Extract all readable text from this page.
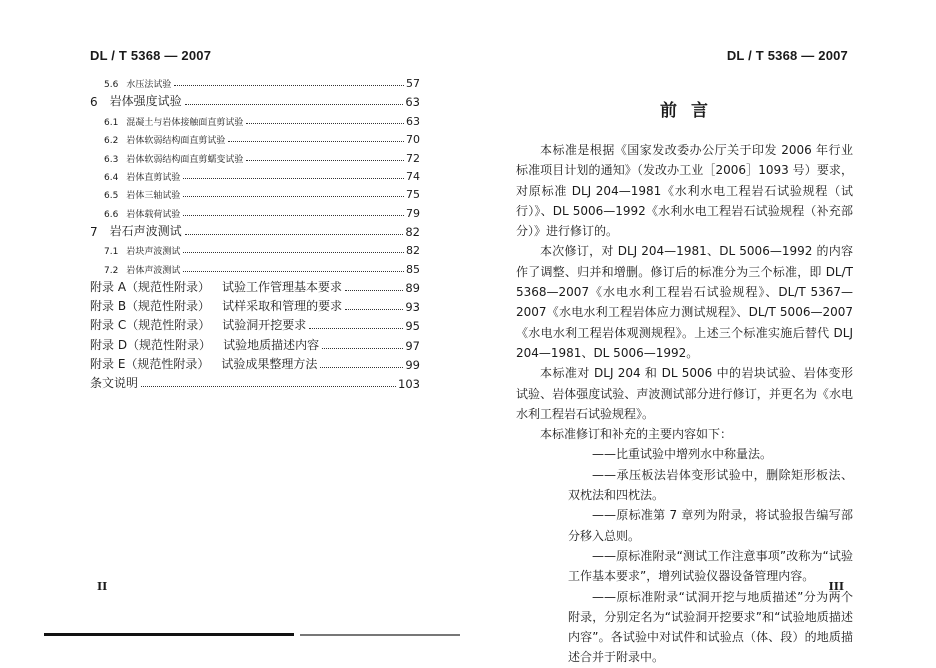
DL / T 5368 — 2007	DL / T 5368 — 2007
5.6 水压法试验	57
6 岩体强度试验	63
6.1 混凝土与岩体接触面直剪试验	63
6.2 岩体软弱结构面直剪试验	70
6.3 岩体软弱结构面直剪蠕变试验	72
6.4 岩体直剪试验	74
6.5 岩体三轴试验	75
6.6 岩体载荷试验	79
7 岩石声波测试	82
7.1 岩块声波测试	82
7.2 岩体声波测试	85
附录 A（规范性附录） 试验工作管理基本要求	89
附录 B（规范性附录） 试样采取和管理的要求	93
附录 C（规范性附录） 试验洞开挖要求	95
附录 D（规范性附录） 试验地质描述内容	97
附录 E（规范性附录） 试验成果整理方法	99
条文说明	103
前言

本标准是根据《国家发改委办公厅关于印发 2006 年行业标准项目计划的通知》（发改办工业［2006］1093 号）要求，对原标准 DLJ 204—1981《水利水电工程岩石试验规程（试行）》、DL 5006—1992《水利水电工程岩石试验规程（补充部分）》进行修订的。

本次修订，对 DLJ 204—1981、DL 5006—1992 的内容作了调整、归并和增删。修订后的标准分为三个标准，即 DL/T 5368—2007《水电水利工程岩石试验规程》、DL/T 5367—2007《水电水利工程岩体应力测试规程》、DL/T 5006—2007《水电水利工程岩体观测规程》。上述三个标准实施后替代 DLJ 204—1981、DL 5006—1992。

本标准对 DLJ 204 和 DL 5006 中的岩块试验、岩体变形试验、岩体强度试验、声波测试部分进行修订，并更名为《水电水利工程岩石试验规程》。

本标准修订和补充的主要内容如下：

——比重试验中增列水中称量法。

——承压板法岩体变形试验中，删除矩形板法、双枕法和四枕法。

——原标准第 7 章列为附录，将试验报告编写部分移入总则。

——原标准附录“测试工作注意事项”改称为“试验工作基本要求”，增列试验仪器设备管理内容。

——原标准附录“试洞开挖与地质描述”分为两个附录，分别定名为“试验洞开挖要求”和“试验地质描述内容”。各试验中对试件和试验点（体、段）的地质描述合并于附录中。

II	III
